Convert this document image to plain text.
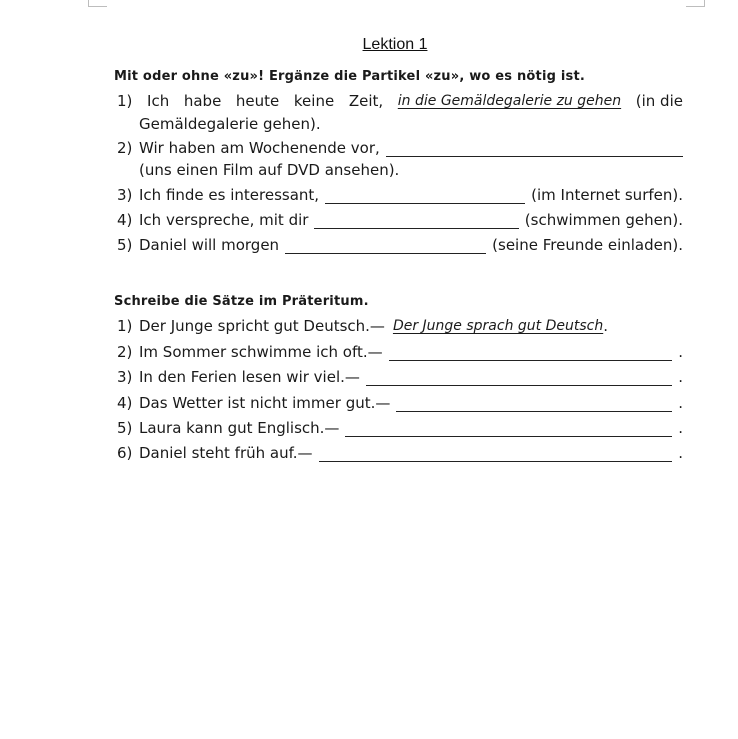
Lektion 1
Mit oder ohne «zu»! Ergänze die Partikel «zu», wo es nötig ist.
1) Ich habe heute keine Zeit, in die Gemäldegalerie zu gehen (in die
Gemäldegalerie gehen).
2) Wir haben am Wochenende vor,
(uns einen Film auf DVD ansehen).
3) Ich finde es interessant,	(im Internet surfen).
4) Ich verspreche, mit dir	(schwimmen gehen).
5) Daniel will morgen	(seine Freunde einladen).
Schreibe die Sätze im Präteritum.
1) Der Junge spricht gut Deutsch.— Der Junge sprach gut Deutsch .
2) Im Sommer schwimme ich oft.—	.
3) In den Ferien lesen wir viel.—	.
4) Das Wetter ist nicht immer gut.—	.
5) Laura kann gut Englisch.—	.
6) Daniel steht früh auf.—	.
